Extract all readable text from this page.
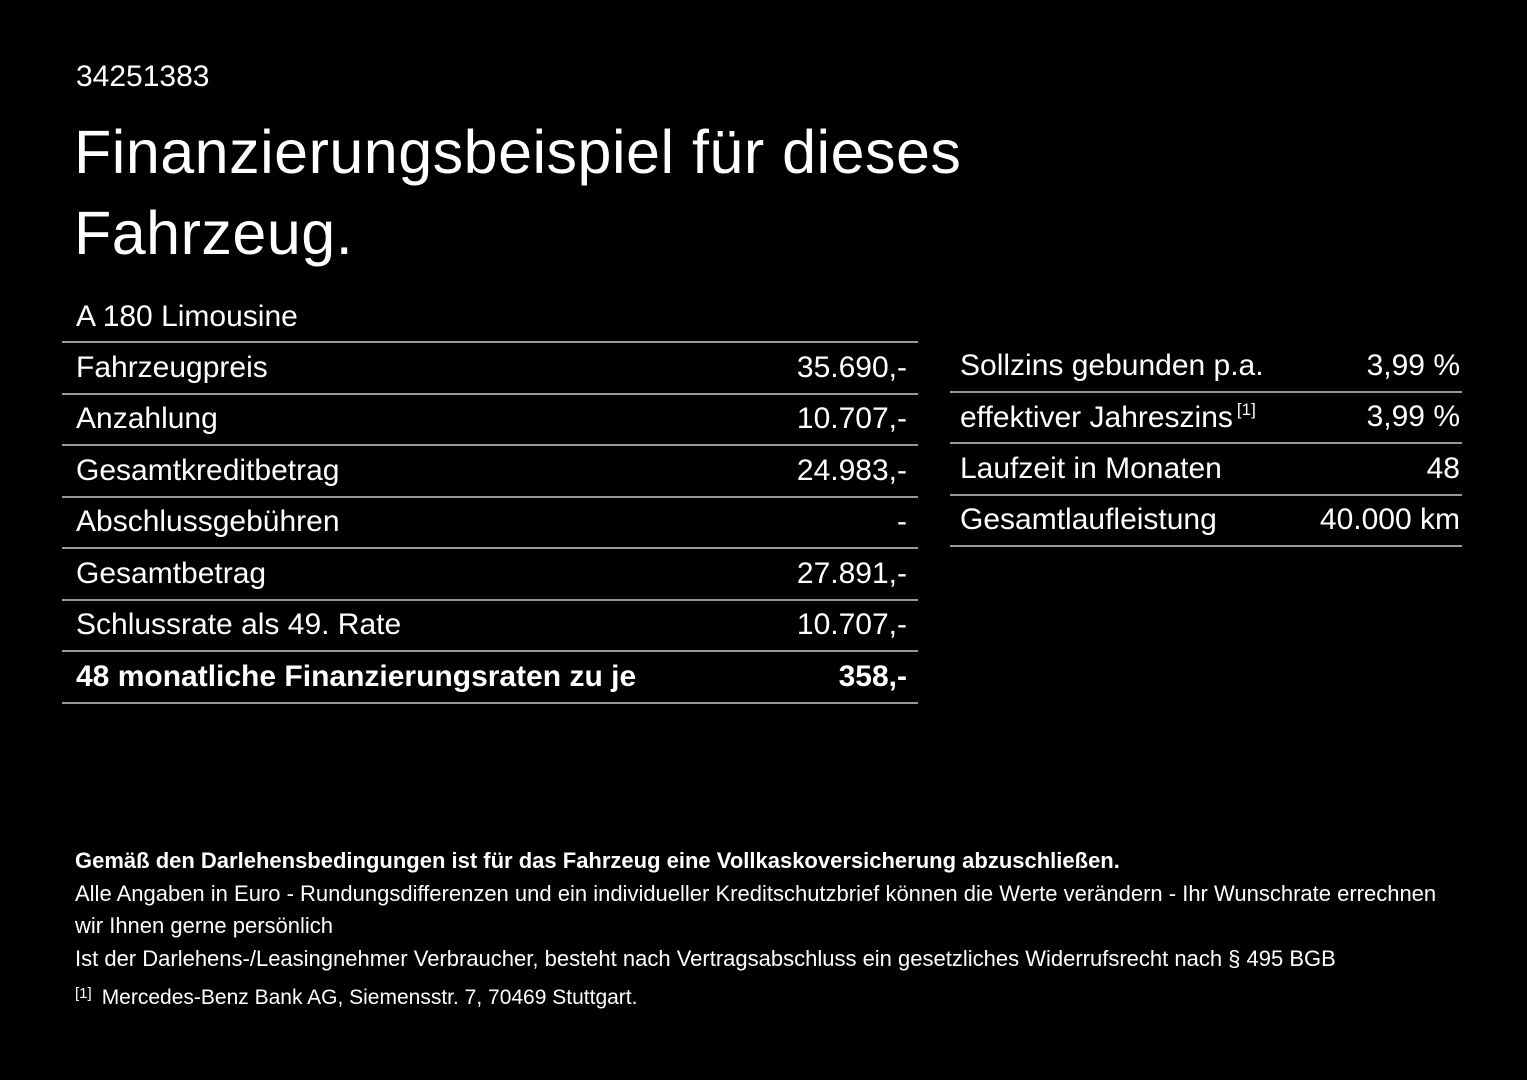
34251383
Finanzierungsbeispiel für dieses
Fahrzeug.
A 180 Limousine
Fahrzeugpreis	35.690,-
Anzahlung	10.707,-
Gesamtkreditbetrag	24.983,-
Abschlussgebühren	-
Gesamtbetrag	27.891,-
Schlussrate als 49. Rate	10.707,-
48 monatliche Finanzierungsraten zu je	358,-
Sollzins gebunden p.a.	3,99 %
effektiver Jahreszins [1]	3,99 %
Laufzeit in Monaten	48
Gesamtlaufleistung	40.000 km

Gemäß den Darlehensbedingungen ist für das Fahrzeug eine Vollkaskoversicherung abzuschließen.

Alle Angaben in Euro - Rundungsdifferenzen und ein individueller Kreditschutzbrief können die Werte verändern - Ihr Wunschrate errechnen wir Ihnen gerne persönlich

Ist der Darlehens-/Leasingnehmer Verbraucher, besteht nach Vertragsabschluss ein gesetzliches Widerrufsrecht nach § 495 BGB

[1] Mercedes-Benz Bank AG, Siemensstr. 7, 70469 Stuttgart.
